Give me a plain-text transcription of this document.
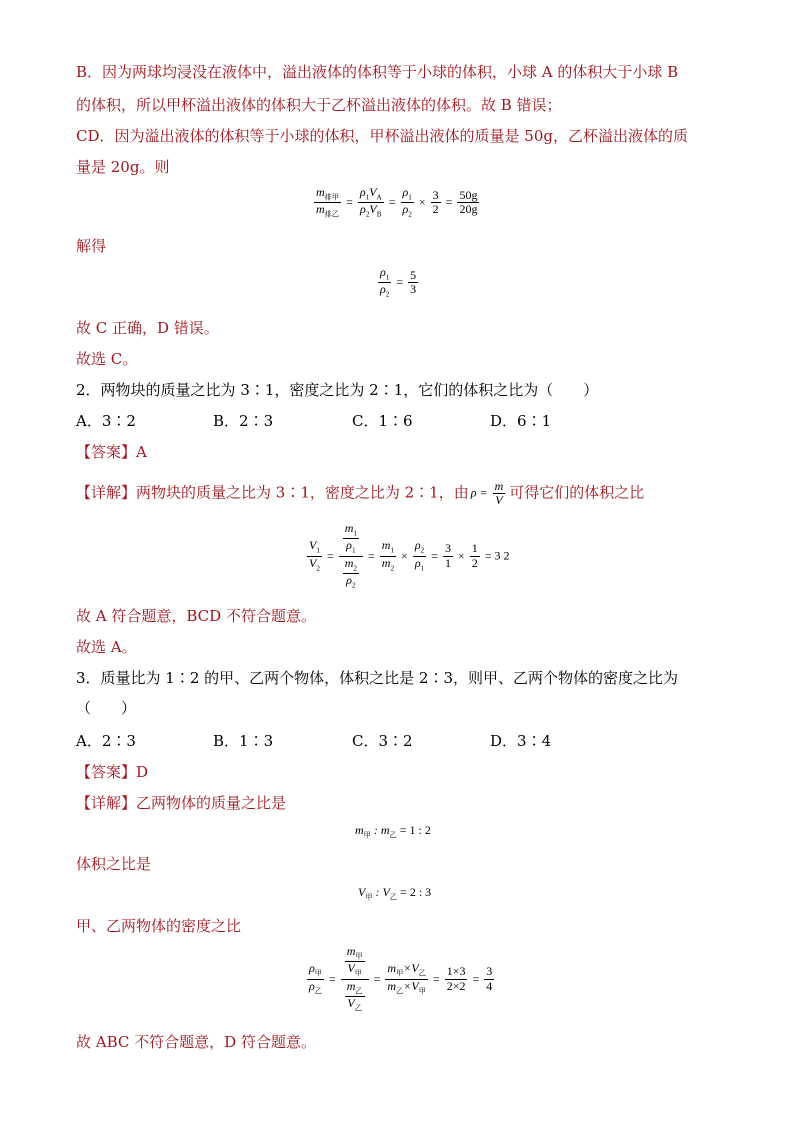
B．因为两球均浸没在液体中，溢出液体的体积等于小球的体积，小球 A 的体积大于小球 B
的体积，所以甲杯溢出液体的体积大于乙杯溢出液体的体积。故 B 错误；
CD．因为溢出液体的体积等于小球的体积，甲杯溢出液体的质量是 50g，乙杯溢出液体的质
量是 20g。则
$\frac{m_{排甲}}{m_{排乙}} = \frac{\rho_1V_A}{\rho_2V_B} = \frac{\rho_1}{\rho_2} \times \frac{3}{2} = \frac{50g}{20g}$
解得
$\frac{\rho_1}{\rho_2} = \frac{5}{3}$
故 C 正确，D 错误。
故选 C。
2．两物块的质量之比为 3∶1，密度之比为 2∶1，它们的体积之比为（　　）
A．3∶2	B．2∶3	C．1∶6	D．6∶1
【答案】A
【详解】两物块的质量之比为 3∶1，密度之比为 2∶1，由 $\rho = \frac{m}{V}$ 可得它们的体积之比
$\frac{V_1}{V_2} = \frac{\frac{m_1}{\rho_1}}{\frac{m_2}{\rho_2}} = \frac{m_1}{m_2} \times \frac{\rho_2}{\rho_1} = \frac{3}{1} \times \frac{1}{2} = 3$ 2
故 A 符合题意，BCD 不符合题意。
故选 A。
3．质量比为 1∶2 的甲、乙两个物体，体积之比是 2∶3，则甲、乙两个物体的密度之比为
（　　）
A．2∶3	B．1∶3	C．3∶2	D．3∶4
【答案】D
【详解】乙两物体的质量之比是
$m_甲$ : $m_乙 = 1$ : 2
体积之比是
$V_甲$ : $V_乙 = 2$ : 3
甲、乙两物体的密度之比
$\frac{\rho_甲}{\rho_乙} = \frac{\frac{m_甲}{V_甲}}{\frac{m_乙}{V_乙}} = \frac{m_甲\times V_乙}{m_乙\times V_甲} = \frac{1\times 3}{2\times 2} = \frac{3}{4}$
故 ABC 不符合题意，D 符合题意。
